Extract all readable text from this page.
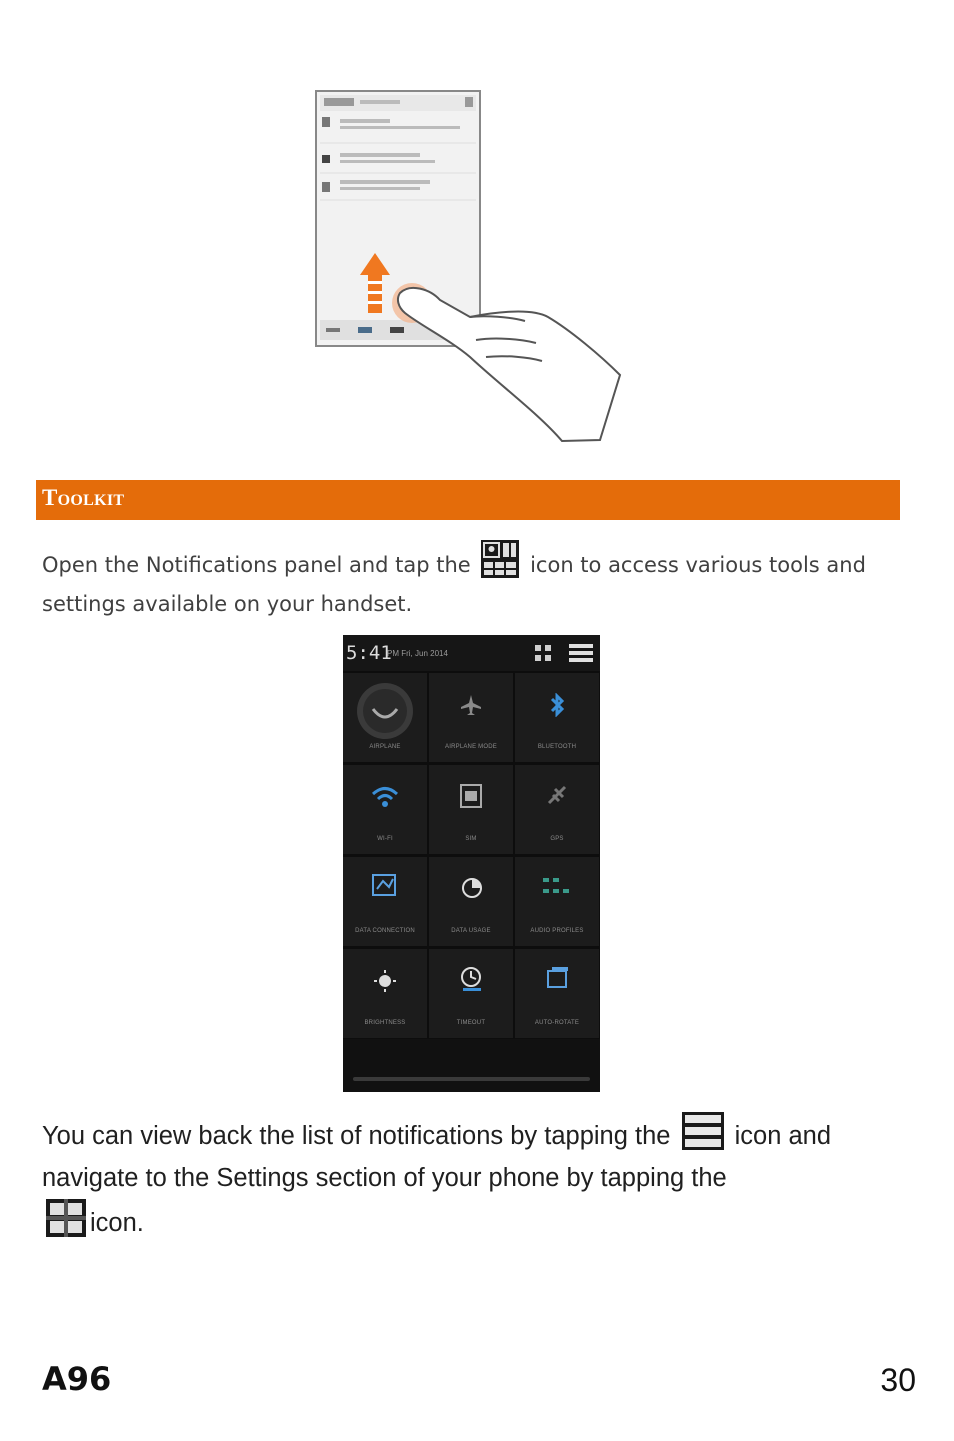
Toolkit
Open the Notifications panel and tap the	icon to access various tools and settings available on your handset.
5:41
PM Fri, Jun 2014
AIRPLANE	AIRPLANE MODE	BLUETOOTH
WI-FI	SIM	GPS
DATA CONNECTION	DATA USAGE	AUDIO PROFILES
BRIGHTNESS	TIMEOUT	AUTO-ROTATE
You can view back the list of notifications by tapping the	icon and navigate to the Settings section of your phone by tapping the
icon.
A96	30
